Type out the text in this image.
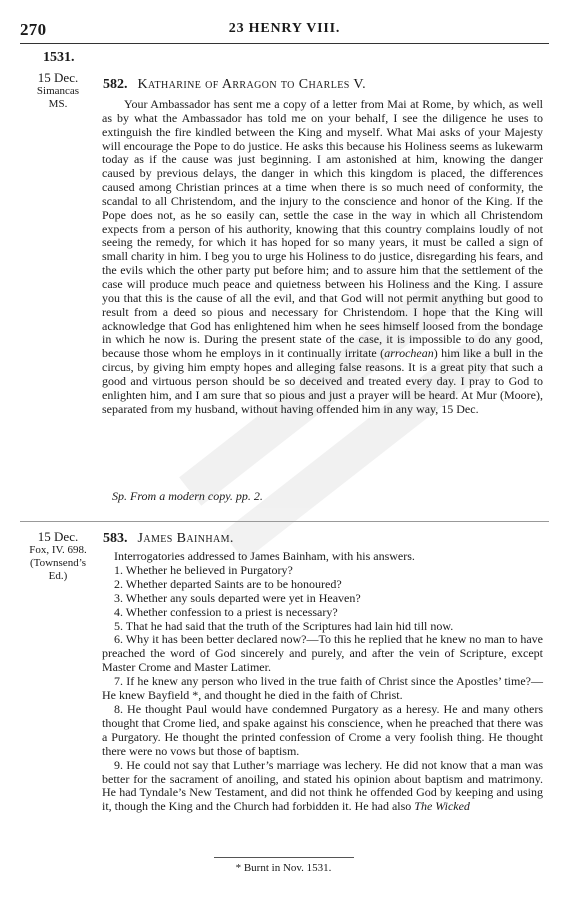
270	23 HENRY VIII.
1531.
15 Dec.
Simancas MS.
582. Katharine of Arragon to Charles V.

Your Ambassador has sent me a copy of a letter from Mai at Rome, by which, as well as by what the Ambassador has told me on your behalf, I see the diligence he uses to extinguish the fire kindled between the King and myself. What Mai asks of your Majesty will encourage the Pope to do justice. He asks this because his Holiness seems as lukewarm today as if the cause was just beginning. I am astonished at him, knowing the danger caused by previous delays, the danger in which this kingdom is placed, the differences caused among Christian princes at a time when there is so much need of conformity, the scandal to all Christendom, and the injury to the conscience and honor of the King. If the Pope does not, as he so easily can, settle the case in the way in which all Christendom expects from a person of his authority, knowing that this country complains loudly of not seeing the remedy, for which it has hoped for so many years, it must be called a sign of small charity in him. I beg you to urge his Holiness to do justice, disregarding his fears, and the evils which the other party put before him; and to assure him that the settlement of the case will produce much peace and quietness between his Holiness and the King. I assure you that this is the cause of all the evil, and that God will not permit anything but good to result from a deed so pious and necessary for Christendom. I hope that the King will acknowledge that God has enlightened him when he sees himself loosed from the bondage in which he now is. During the present state of the case, it is impossible to do any good, because those whom he employs in it continually irritate (arrochean) him like a bull in the circus, by giving him empty hopes and alleging false reasons. It is a great pity that such a good and virtuous person should be so deceived and treated every day. I pray to God to enlighten him, and I am sure that so pious and just a prayer will be heard. At Mur (Moore), separated from my husband, without having offended him in any way, 15 Dec.

Sp. From a modern copy. pp. 2.
15 Dec.
Fox, IV. 698.
(Townsend’s
Ed.)
583. James Bainham.

Interrogatories addressed to James Bainham, with his answers.

1. Whether he believed in Purgatory?

2. Whether departed Saints are to be honoured?

3. Whether any souls departed were yet in Heaven?

4. Whether confession to a priest is necessary?

5. That he had said that the truth of the Scriptures had lain hid till now.

6. Why it has been better declared now?—To this he replied that he knew no man to have preached the word of God sincerely and purely, and after the vein of Scripture, except Master Crome and Master Latimer.

7. If he knew any person who lived in the true faith of Christ since the Apostles’ time?—He knew Bayfield *, and thought he died in the faith of Christ.

8. He thought Paul would have condemned Purgatory as a heresy. He and many others thought that Crome lied, and spake against his conscience, when he preached that there was a Purgatory. He thought the printed confession of Crome a very foolish thing. He thought there were no vows but those of baptism.

9. He could not say that Luther’s marriage was lechery. He did not know that a man was better for the sacrament of anoiling, and stated his opinion about baptism and matrimony. He had Tyndale’s New Testament, and did not think he offended God by keeping and using it, though the King and the Church had forbidden it. He had also The Wicked

* Burnt in Nov. 1531.
